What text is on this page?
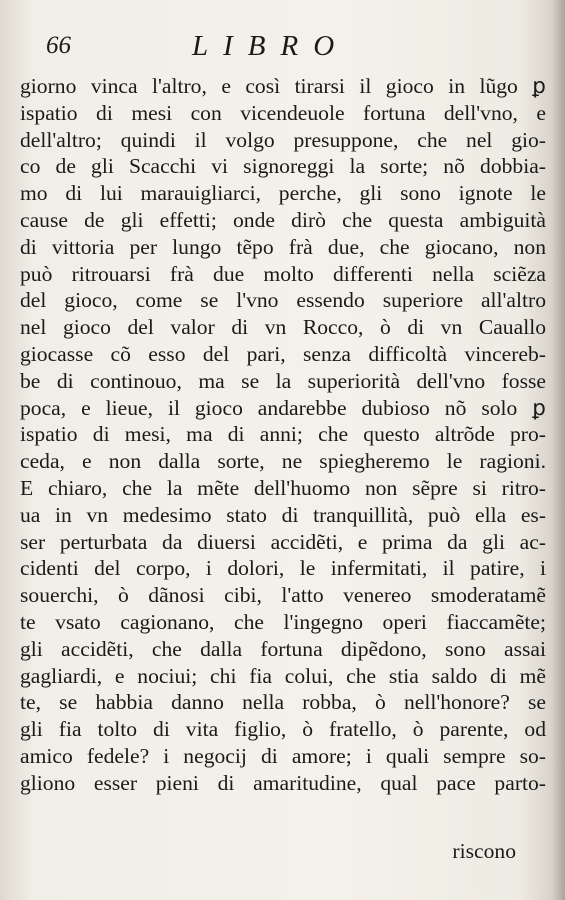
66	LIBRO
giorno vinca l'altro, e così tirarsi il gioco in lũgo ꝑ
ispatio di mesi con vicendeuole fortuna dell'vno, e
dell'altro; quindi il volgo presuppone, che nel gio-
co de gli Scacchi vi signoreggi la sorte; nõ dobbia-
mo di lui marauigliarci, perche, gli sono ignote le
cause de gli effetti; onde dirò che questa ambiguità
di vittoria per lungo tẽpo frà due, che giocano, non
può ritrouarsi frà due molto differenti nella sciẽza
del gioco, come se l'vno essendo superiore all'altro
nel gioco del valor di vn Rocco, ò di vn Cauallo
giocasse cõ esso del pari, senza difficoltà vincereb-
be di continouo, ma se la superiorità dell'vno fosse
poca, e lieue, il gioco andarebbe dubioso nõ solo ꝑ
ispatio di mesi, ma di anni; che questo altrõde pro-
ceda, e non dalla sorte, ne spiegheremo le ragioni.
E chiaro, che la mẽte dell'huomo non sẽpre si ritro-
ua in vn medesimo stato di tranquillità, può ella es-
ser perturbata da diuersi accidẽti, e prima da gli ac-
cidenti del corpo, i dolori, le infermitati, il patire, i
souerchi, ò dãnosi cibi, l'atto venereo smoderatamẽ
te vsato cagionano, che l'ingegno operi fiaccamẽte;
gli accidẽti, che dalla fortuna dipẽdono, sono assai
gagliardi, e nociui; chi fia colui, che stia saldo di mẽ
te, se habbia danno nella robba, ò nell'honore? se
gli fia tolto di vita figlio, ò fratello, ò parente, od
amico fedele? i negocij di amore; i quali sempre so-
gliono esser pieni di amaritudine, qual pace parto-
riscono
